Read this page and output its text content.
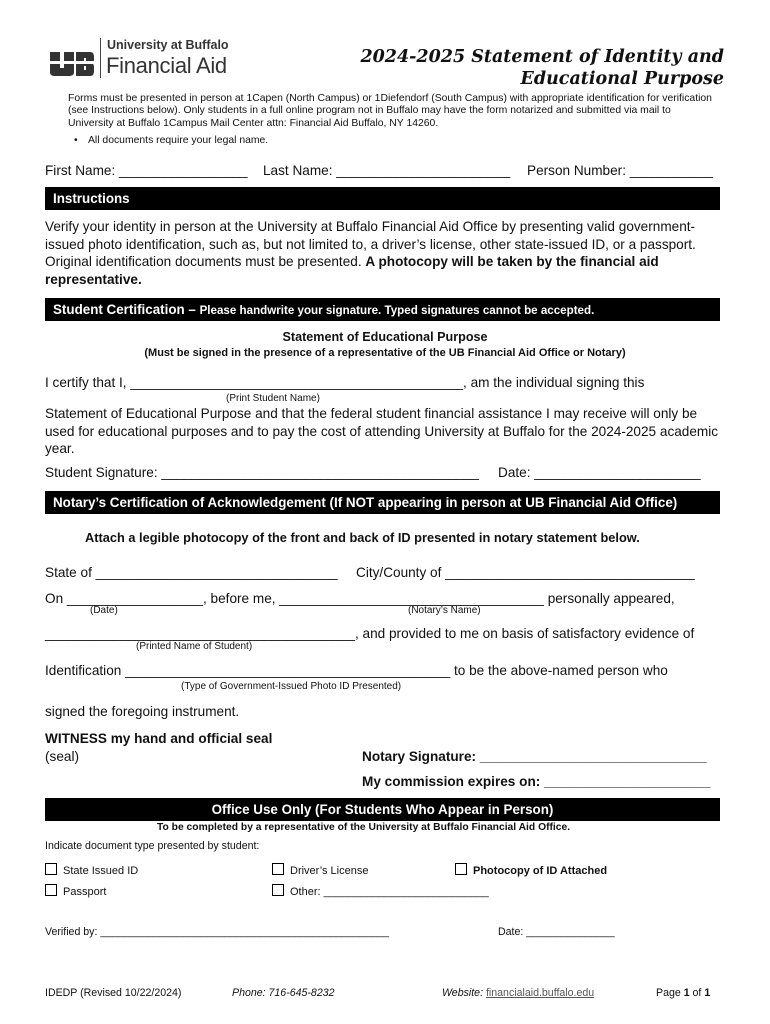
University at Buffalo
Financial Aid	2024-2025 Statement of Identity and
Educational Purpose
Forms must be presented in person at 1Capen (North Campus) or 1Diefendorf (South Campus) with appropriate identification for verification (see Instructions below). Only students in a full online program not in Buffalo may have the form notarized and submitted via mail to University at Buffalo 1Campus Mail Center attn: Financial Aid Buffalo, NY 14260.
• All documents require your legal name.
First Name: _________________ Last Name: _______________________ Person Number: ___________
Instructions
Verify your identity in person at the University at Buffalo Financial Aid Office by presenting valid government-issued photo identification, such as, but not limited to, a driver’s license, other state-issued ID, or a passport. Original identification documents must be presented. A photocopy will be taken by the financial aid representative.
Student Certification – Please handwrite your signature. Typed signatures cannot be accepted.
Statement of Educational Purpose
(Must be signed in the presence of a representative of the UB Financial Aid Office or Notary)
I certify that I, ____________________________________________, am the individual signing this
(Print Student Name)
Statement of Educational Purpose and that the federal student financial assistance I may receive will only be used for educational purposes and to pay the cost of attending University at Buffalo for the 2024-2025 academic year.
Student Signature: __________________________________________ Date: ______________________
Notary’s Certification of Acknowledgement (If NOT appearing in person at UB Financial Aid Office)
Attach a legible photocopy of the front and back of ID presented in notary statement below.
State of ________________________________ City/County of _________________________________
On __________________, before me, ___________________________________ personally appeared,
(Date)	(Notary’s Name)
_________________________________________, and provided to me on basis of satisfactory evidence of
(Printed Name of Student)
Identification ___________________________________________ to be the above-named person who
(Type of Government-Issued Photo ID Presented)
signed the foregoing instrument.
WITNESS my hand and official seal
(seal)	Notary Signature: ______________________________
My commission expires on: ______________________
Office Use Only (For Students Who Appear in Person)
To be completed by a representative of the University at Buffalo Financial Aid Office.
Indicate document type presented by student:
State Issued ID	Driver’s License	Photocopy of ID Attached
Passport	Other: ___________________________
Verified by: _________________________________________________	Date: _______________
IDEDP (Revised 10/22/2024)	Phone: 716-645-8232	Website: financialaid.buffalo.edu	Page 1 of 1
